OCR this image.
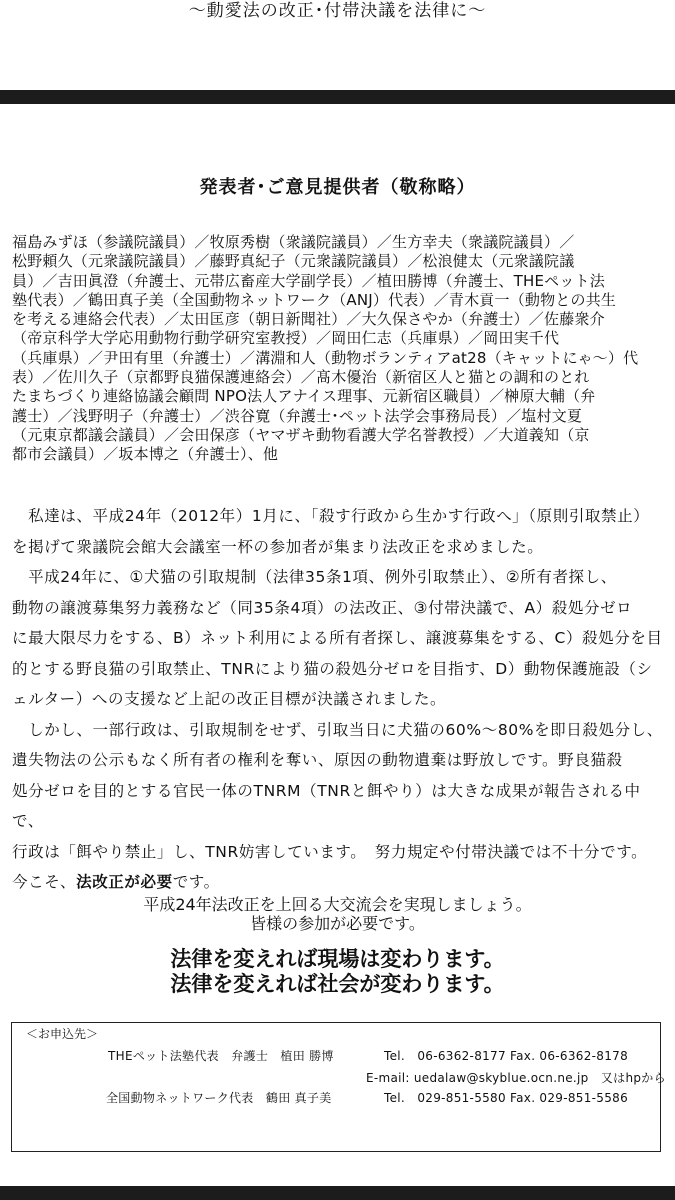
～動愛法の改正･付帯決議を法律に～
発表者･ご意見提供者（敬称略）
福島みずほ（参議院議員）／牧原秀樹（衆議院議員）／生方幸夫（衆議院議員）／
松野頼久（元衆議院議員）／藤野真紀子（元衆議院議員）／松浪健太（元衆議院議
員）／吉田眞澄（弁護士、元帯広畜産大学副学長）／植田勝博（弁護士、THEペット法
塾代表）／鶴田真子美（全国動物ネットワーク（ANJ）代表）／青木貢一（動物との共生
を考える連絡会代表）／太田匡彦（朝日新聞社）／大久保さやか（弁護士）／佐藤衆介
（帝京科学大学応用動物行動学研究室教授）／岡田仁志（兵庫県）／岡田実千代
（兵庫県）／尹田有里（弁護士）／溝淵和人（動物ボランティアat28（キャットにゃ～）代
表）／佐川久子（京都野良猫保護連絡会）／髙木優治（新宿区人と猫との調和のとれ
たまちづくり連絡協議会顧問 NPO法人アナイス理事、元新宿区職員）／榊原大輔（弁
護士）／浅野明子（弁護士）／渋谷寛（弁護士･ペット法学会事務局長）／塩村文夏
（元東京都議会議員）／会田保彦（ヤマザキ動物看護大学名誉教授）／大道義知（京
都市会議員）／坂本博之（弁護士）、他

　私達は、平成24年（2012年）1月に、「殺す行政から生かす行政へ」（原則引取禁止）

を掲げて衆議院会館大会議室一杯の参加者が集まり法改正を求めました。

　平成24年に、①犬猫の引取規制（法律35条1項、例外引取禁止）、②所有者探し、

動物の譲渡募集努力義務など（同35条4項）の法改正、③付帯決議で、A）殺処分ゼロ

に最大限尽力をする、B）ネット利用による所有者探し、譲渡募集をする、C）殺処分を目

的とする野良猫の引取禁止、TNRにより猫の殺処分ゼロを目指す、D）動物保護施設（シ

ェルター）への支援など上記の改正目標が決議されました。

　しかし、一部行政は、引取規制をせず、引取当日に犬猫の60%～80%を即日殺処分し、

遺失物法の公示もなく所有者の権利を奪い、原因の動物遺棄は野放しです。野良猫殺

処分ゼロを目的とする官民一体のTNRM（TNRと餌やり）は大きな成果が報告される中で、

行政は「餌やり禁止」し、TNR妨害しています。　努力規定や付帯決議では不十分です。

今こそ、法改正が必要です。

平成24年法改正を上回る大交流会を実現しましょう。
皆様の参加が必要です。
法律を変えれば現場は変わります。
法律を変えれば社会が変わります。
＜お申込先＞
THEペット法塾代表　弁護士　植田 勝博	Tel.　06-6362-8177 Fax. 06-6362-8178
E-mail: uedalaw@skyblue.ocn.ne.jp　又はhpから
全国動物ネットワーク代表　鶴田 真子美	Tel.　029-851-5580 Fax. 029-851-5586
